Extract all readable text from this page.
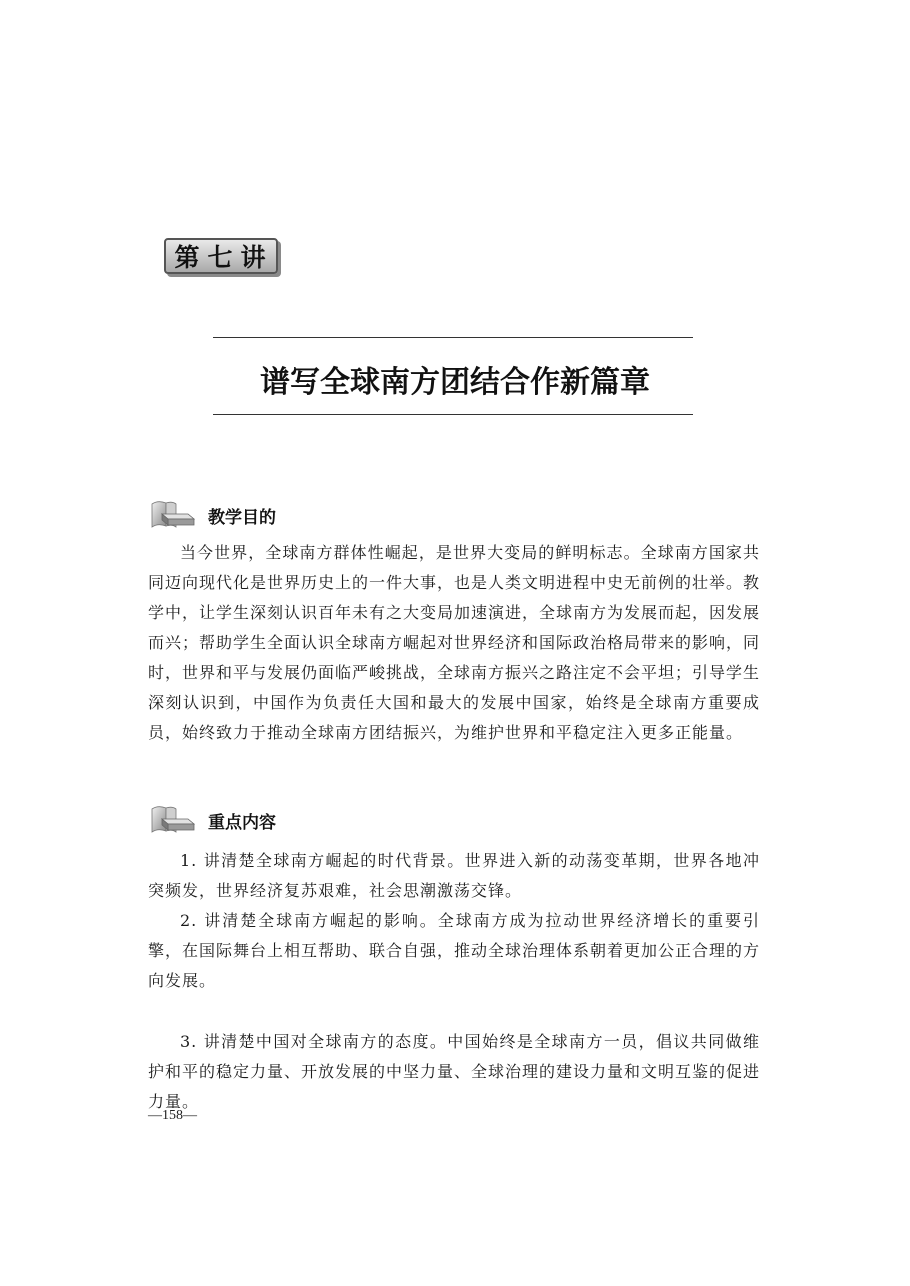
第七讲
谱写全球南方团结合作新篇章
教学目的

当今世界，全球南方群体性崛起，是世界大变局的鲜明标志。全球南方国家共同迈向现代化是世界历史上的一件大事，也是人类文明进程中史无前例的壮举。教学中，让学生深刻认识百年未有之大变局加速演进，全球南方为发展而起，因发展而兴；帮助学生全面认识全球南方崛起对世界经济和国际政治格局带来的影响，同时，世界和平与发展仍面临严峻挑战，全球南方振兴之路注定不会平坦；引导学生深刻认识到，中国作为负责任大国和最大的发展中国家，始终是全球南方重要成员，始终致力于推动全球南方团结振兴，为维护世界和平稳定注入更多正能量。

重点内容

1. 讲清楚全球南方崛起的时代背景。世界进入新的动荡变革期，世界各地冲突频发，世界经济复苏艰难，社会思潮激荡交锋。

2. 讲清楚全球南方崛起的影响。全球南方成为拉动世界经济增长的重要引擎，在国际舞台上相互帮助、联合自强，推动全球治理体系朝着更加公正合理的方向发展。

3. 讲清楚中国对全球南方的态度。中国始终是全球南方一员，倡议共同做维护和平的稳定力量、开放发展的中坚力量、全球治理的建设力量和文明互鉴的促进力量。

—158—
